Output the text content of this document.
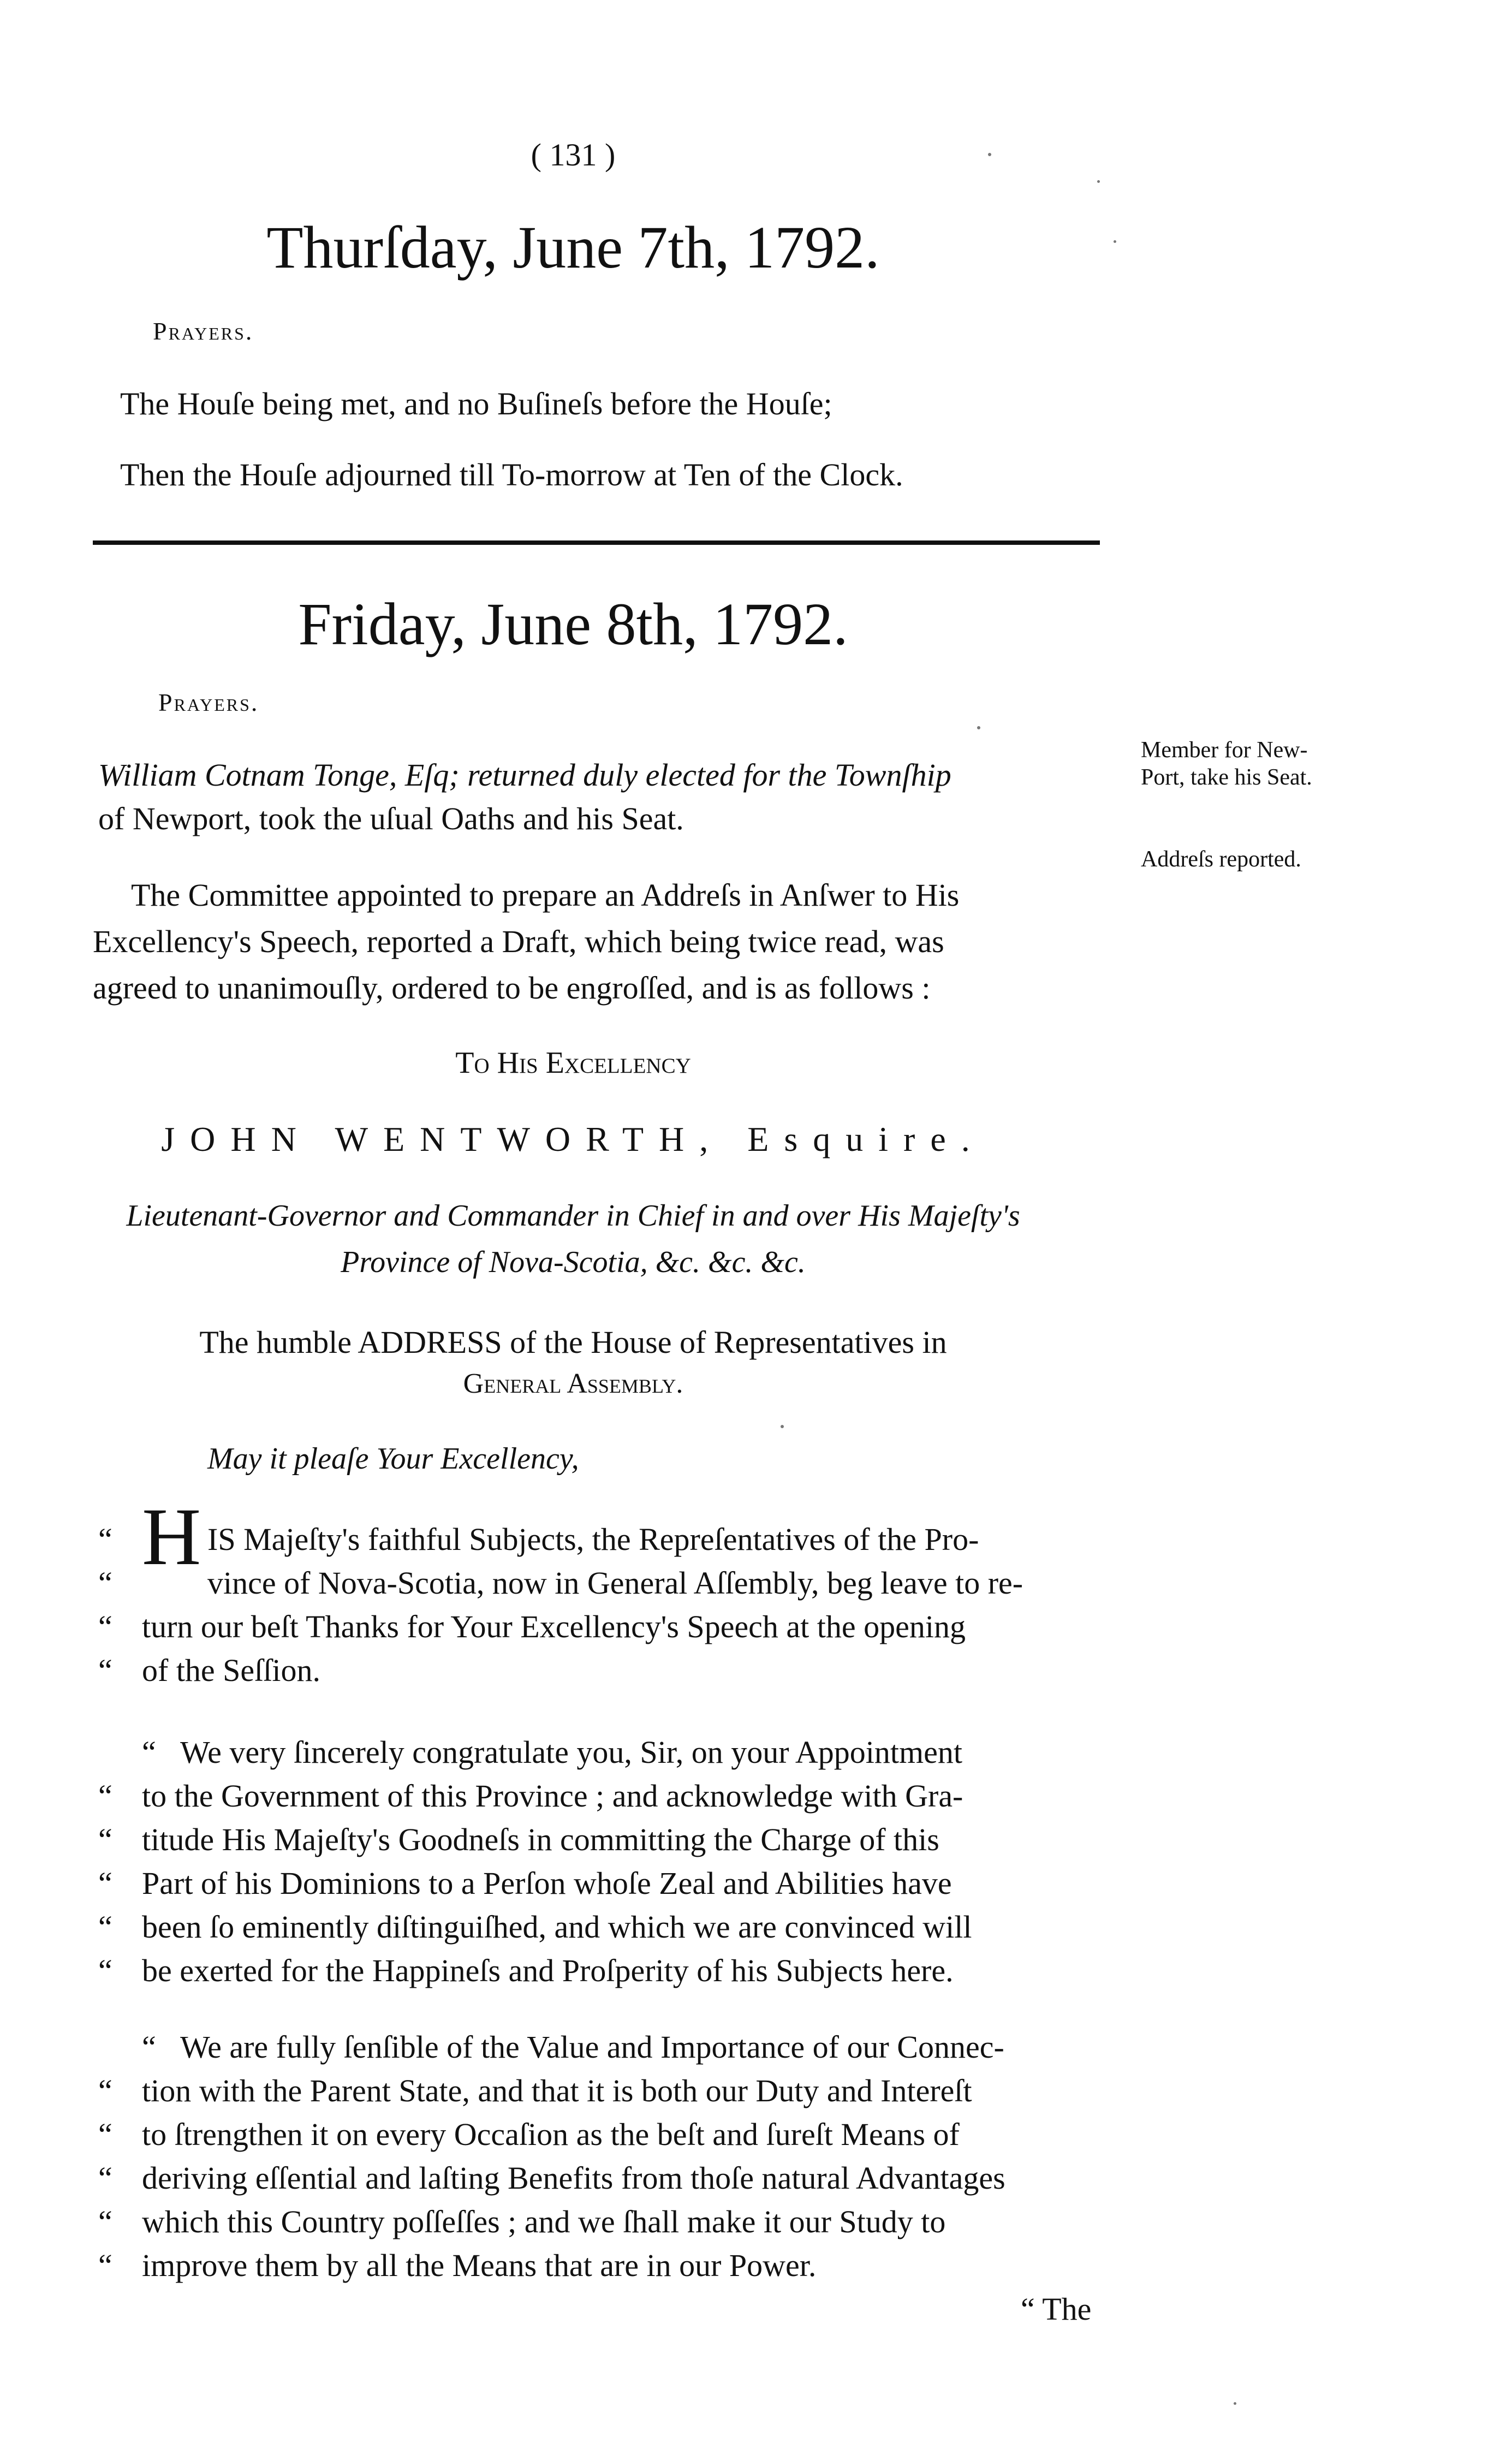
( 131 )
Thurſday, June 7th, 1792.
Prayers.
The Houſe being met, and no Buſineſs before the Houſe;
Then the Houſe adjourned till To-morrow at Ten of the Clock.
Friday, June 8th, 1792.
Prayers.
William Cotnam Tonge, Eſq; returned duly elected for the Townſhip
of Newport, took the uſual Oaths and his Seat.
Member for New-
Port, take his Seat.
Addreſs reported.
The Committee appointed to prepare an Addreſs in Anſwer to His
Excellency's Speech, reported a Draft, which being twice read, was
agreed to unanimouſly, ordered to be engroſſed, and is as follows :
To His Excellency
JOHN WENTWORTH, Esquire.
Lieutenant-Governor and Commander in Chief in and over His Majeſty's
Province of Nova-Scotia, &c. &c. &c.
The humble ADDRESS of the House of Representatives in
General Assembly.
May it pleaſe Your Excellency,
“
“
“
“
H IS Majeſty's faithful Subjects, the Repreſentatives of the Pro-
vince of Nova-Scotia, now in General Aſſembly, beg leave to re-
turn our beſt Thanks for Your Excellency's Speech at the opening
of the Seſſion.
“
“
“
“
“
“
We very ſincerely congratulate you, Sir, on your Appointment
to the Government of this Province ; and acknowledge with Gra-
titude His Majeſty's Goodneſs in committing the Charge of this
Part of his Dominions to a Perſon whoſe Zeal and Abilities have
been ſo eminently diſtinguiſhed, and which we are convinced will
be exerted for the Happineſs and Proſperity of his Subjects here.
“
“
“
“
“
“
We are fully ſenſible of the Value and Importance of our Connec-
tion with the Parent State, and that it is both our Duty and Intereſt
to ſtrengthen it on every Occaſion as the beſt and ſureſt Means of
deriving eſſential and laſting Benefits from thoſe natural Advantages
which this Country poſſeſſes ; and we ſhall make it our Study to
improve them by all the Means that are in our Power.
“ The
